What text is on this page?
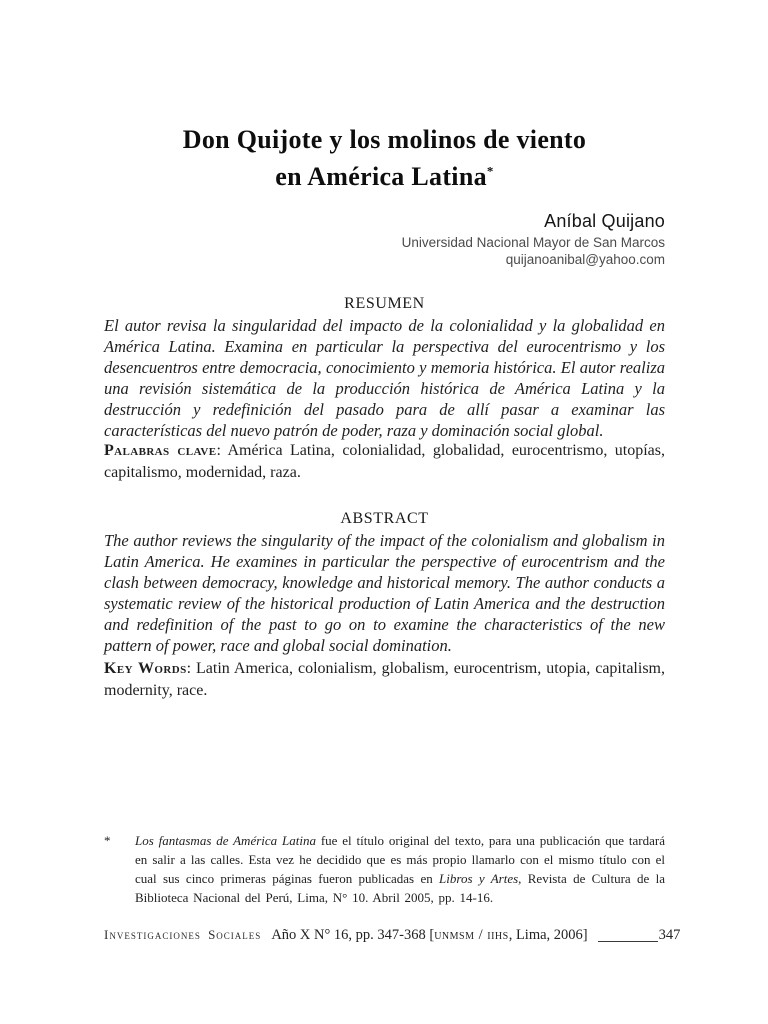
Don Quijote y los molinos de viento
en América Latina*
Aníbal Quijano
Universidad Nacional Mayor de San Marcos
quijanoanibal@yahoo.com
RESUMEN

El autor revisa la singularidad del impacto de la colonialidad y la globalidad en América Latina. Examina en particular la perspectiva del eurocentrismo y los desencuentros entre democracia, conocimiento y memoria histórica. El autor realiza una revisión sistemática de la producción histórica de América Latina y la destrucción y redefinición del pasado para de allí pasar a examinar las características del nuevo patrón de poder, raza y dominación social global.

Palabras clave: América Latina, colonialidad, globalidad, eurocentrismo, utopías, capitalismo, modernidad, raza.

ABSTRACT

The author reviews the singularity of the impact of the colonialism and globalism in Latin America. He examines in particular the perspective of eurocentrism and the clash between democracy, knowledge and historical memory. The author conducts a systematic review of the historical production of Latin America and the destruction and redefinition of the past to go on to examine the characteristics of the new pattern of power, race and global social domination.

Key Words: Latin America, colonialism, globalism, eurocentrism, utopia, capitalism, modernity, race.

*	Los fantasmas de América Latina fue el título original del texto, para una publicación que tardará en salir a las calles. Esta vez he decidido que es más propio llamarlo con el mismo título con el cual sus cinco primeras páginas fueron publicadas en Libros y Artes, Revista de Cultura de la Biblioteca Nacional del Perú, Lima, N° 10. Abril 2005, pp. 14-16.
Investigaciones Sociales Año X N° 16, pp. 347-368 [unmsm / iihs, Lima, 2006]	347
